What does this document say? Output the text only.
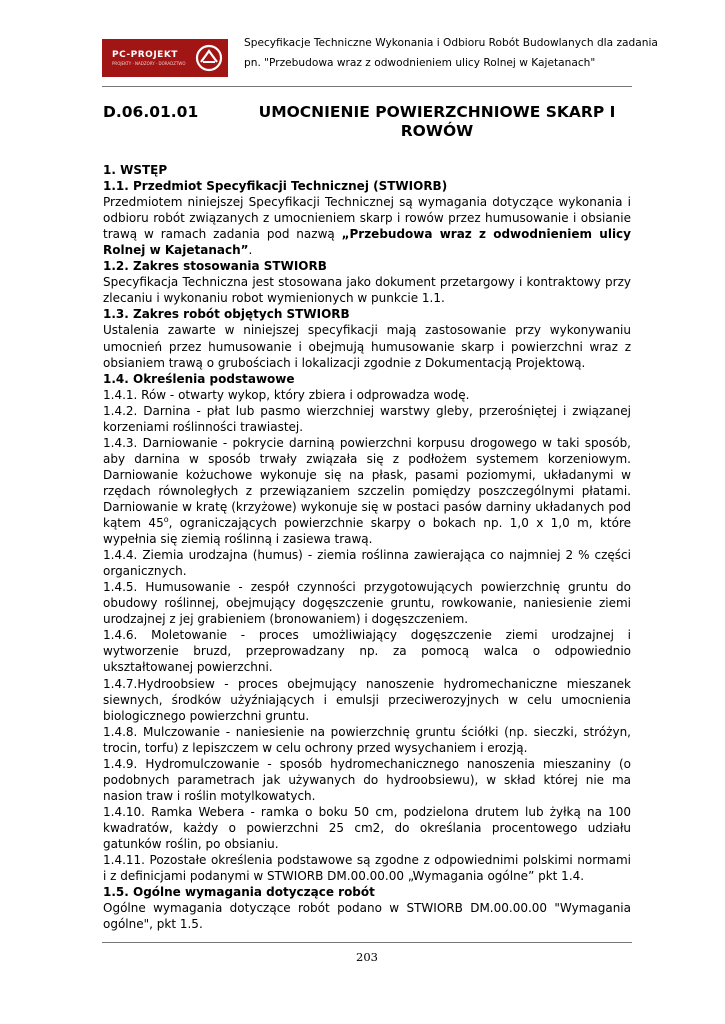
PC-PROJEKT
PROJEKTY · NADZORY · DORADZTWO
Specyfikacje Techniczne Wykonania i Odbioru Robót Budowlanych dla zadania
pn. "Przebudowa wraz z odwodnieniem ulicy Rolnej w Kajetanach"
D.06.01.01	UMOCNIENIE POWIERZCHNIOWE SKARP I ROWÓW

1. WSTĘP

1.1. Przedmiot Specyfikacji Technicznej (STWIORB)

Przedmiotem niniejszej Specyfikacji Technicznej są wymagania dotyczące wykonania i odbioru robót związanych z umocnieniem skarp i rowów przez humusowanie i obsianie trawą w ramach zadania pod nazwą „Przebudowa wraz z odwodnieniem ulicy Rolnej w Kajetanach”.

1.2. Zakres stosowania STWIORB

Specyfikacja Techniczna jest stosowana jako dokument przetargowy i kontraktowy przy zlecaniu i wykonaniu robot wymienionych w punkcie 1.1.

1.3. Zakres robót objętych STWIORB

Ustalenia zawarte w niniejszej specyfikacji mają zastosowanie przy wykonywaniu umocnień przez humusowanie i obejmują humusowanie skarp i powierzchni wraz z obsianiem trawą o grubościach i lokalizacji zgodnie z Dokumentacją Projektową.

1.4. Określenia podstawowe

1.4.1. Rów - otwarty wykop, który zbiera i odprowadza wodę.

1.4.2. Darnina - płat lub pasmo wierzchniej warstwy gleby, przerośniętej i związanej korzeniami roślinności trawiastej.

1.4.3. Darniowanie - pokrycie darniną powierzchni korpusu drogowego w taki sposób, aby darnina w sposób trwały związała się z podłożem systemem korzeniowym. Darniowanie kożuchowe wykonuje się na płask, pasami poziomymi, układanymi w rzędach równoległych z przewiązaniem szczelin pomiędzy poszczególnymi płatami. Darniowanie w kratę (krzyżowe) wykonuje się w postaci pasów darniny układanych pod kątem 45$^o$, ograniczających powierzchnie skarpy o bokach np. 1,0 x 1,0 m, które wypełnia się ziemią roślinną i zasiewa trawą.

1.4.4. Ziemia urodzajna (humus) - ziemia roślinna zawierająca co najmniej 2 % części organicznych.

1.4.5. Humusowanie - zespół czynności przygotowujących powierzchnię gruntu do obudowy roślinnej, obejmujący dogęszczenie gruntu, rowkowanie, naniesienie ziemi urodzajnej z jej grabieniem (bronowaniem) i dogęszczeniem.

1.4.6. Moletowanie - proces umożliwiający dogęszczenie ziemi urodzajnej i wytworzenie bruzd, przeprowadzany np. za pomocą walca o odpowiednio ukształtowanej powierzchni.

1.4.7.Hydroobsiew - proces obejmujący nanoszenie hydromechaniczne mieszanek siewnych, środków użyźniających i emulsji przeciwerozyjnych w celu umocnienia biologicznego powierzchni gruntu.

1.4.8. Mulczowanie - naniesienie na powierzchnię gruntu ściółki (np. sieczki, stróżyn, trocin, torfu) z lepiszczem w celu ochrony przed wysychaniem i erozją.

1.4.9. Hydromulczowanie - sposób hydromechanicznego nanoszenia mieszaniny (o podobnych parametrach jak używanych do hydroobsiewu), w skład której nie ma nasion traw i roślin motylkowatych.

1.4.10. Ramka Webera - ramka o boku 50 cm, podzielona drutem lub żyłką na 100 kwadratów, każdy o powierzchni 25 cm2, do określania procentowego udziału gatunków roślin, po obsianiu.

1.4.11. Pozostałe określenia podstawowe są zgodne z odpowiednimi polskimi normami i z definicjami podanymi w STWIORB DM.00.00.00 „Wymagania ogólne” pkt 1.4.

1.5. Ogólne wymagania dotyczące robót

Ogólne wymagania dotyczące robót podano w STWIORB DM.00.00.00 "Wymagania ogólne", pkt 1.5.

203
